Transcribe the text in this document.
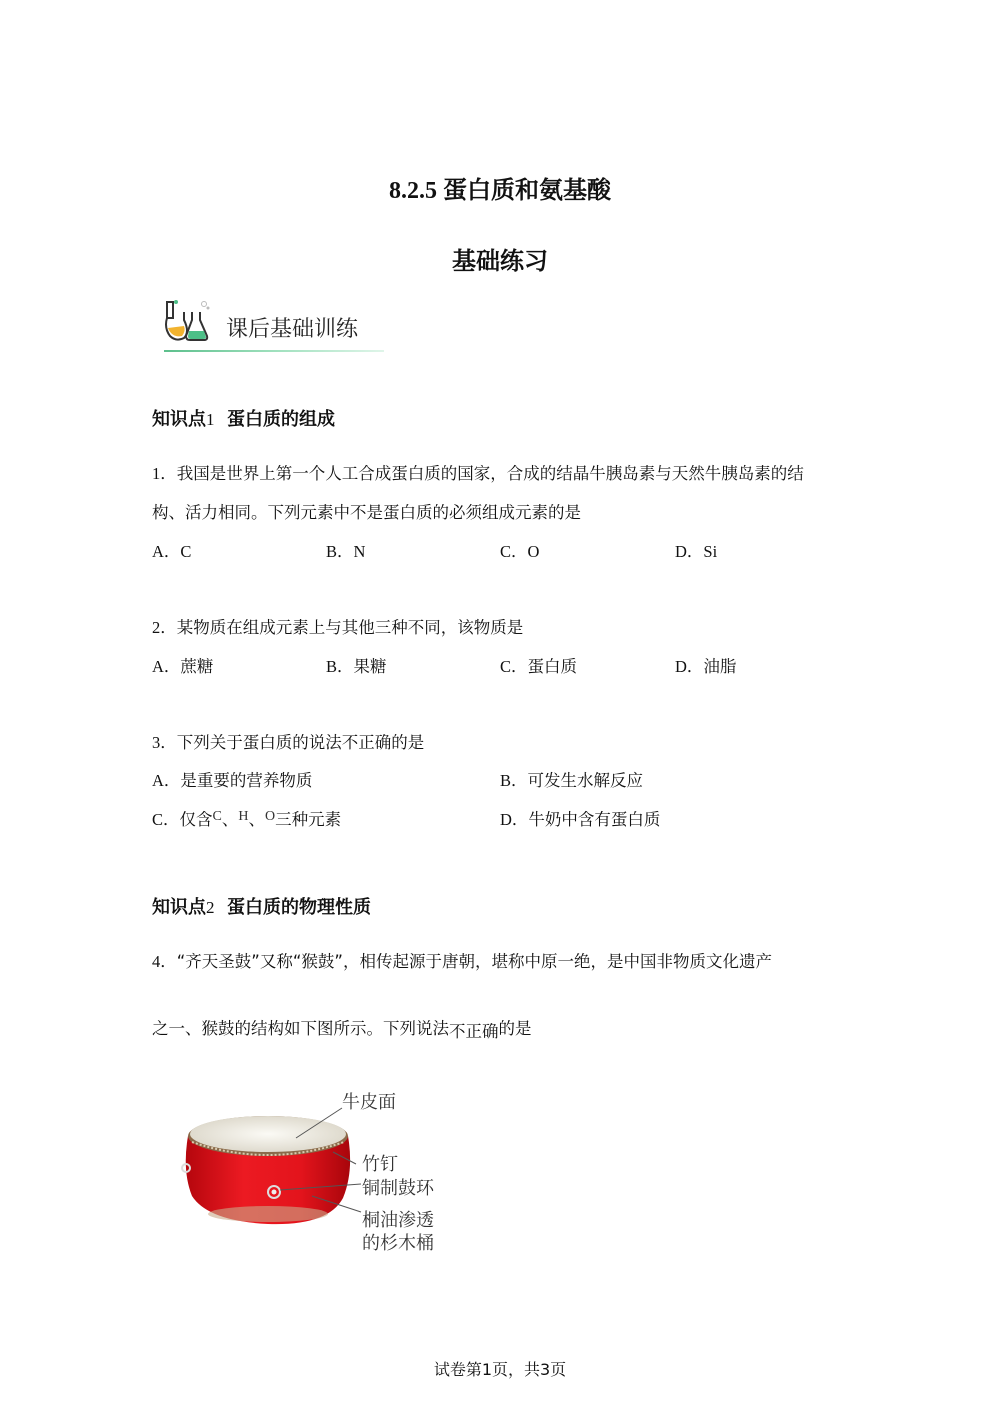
8.2.5 蛋白质和氨基酸
基础练习
课后基础训练
知识点1 蛋白质的组成
1．我国是世界上第一个人工合成蛋白质的国家，合成的结晶牛胰岛素与天然牛胰岛素的结
构、活力相同。下列元素中不是蛋白质的必须组成元素的是
A．C	B．N	C．O	D．Si
2．某物质在组成元素上与其他三种不同，该物质是
A．蔗糖	B．果糖	C．蛋白质	D．油脂
3．下列关于蛋白质的说法不正确的是
A．是重要的营养物质	B．可发生水解反应
C．仅含$^C$、$^H$、$^O$三种元素	D．牛奶中含有蛋白质
知识点2 蛋白质的物理性质
4．“齐天圣鼓”又称“猴鼓”，相传起源于唐朝，堪称中原一绝，是中国非物质文化遗产
之一、猴鼓的结构如下图所示。下列说法不正确的是
牛皮面
竹钉
铜制鼓环
桐油渗透
的杉木桶
试卷第1页，共3页
